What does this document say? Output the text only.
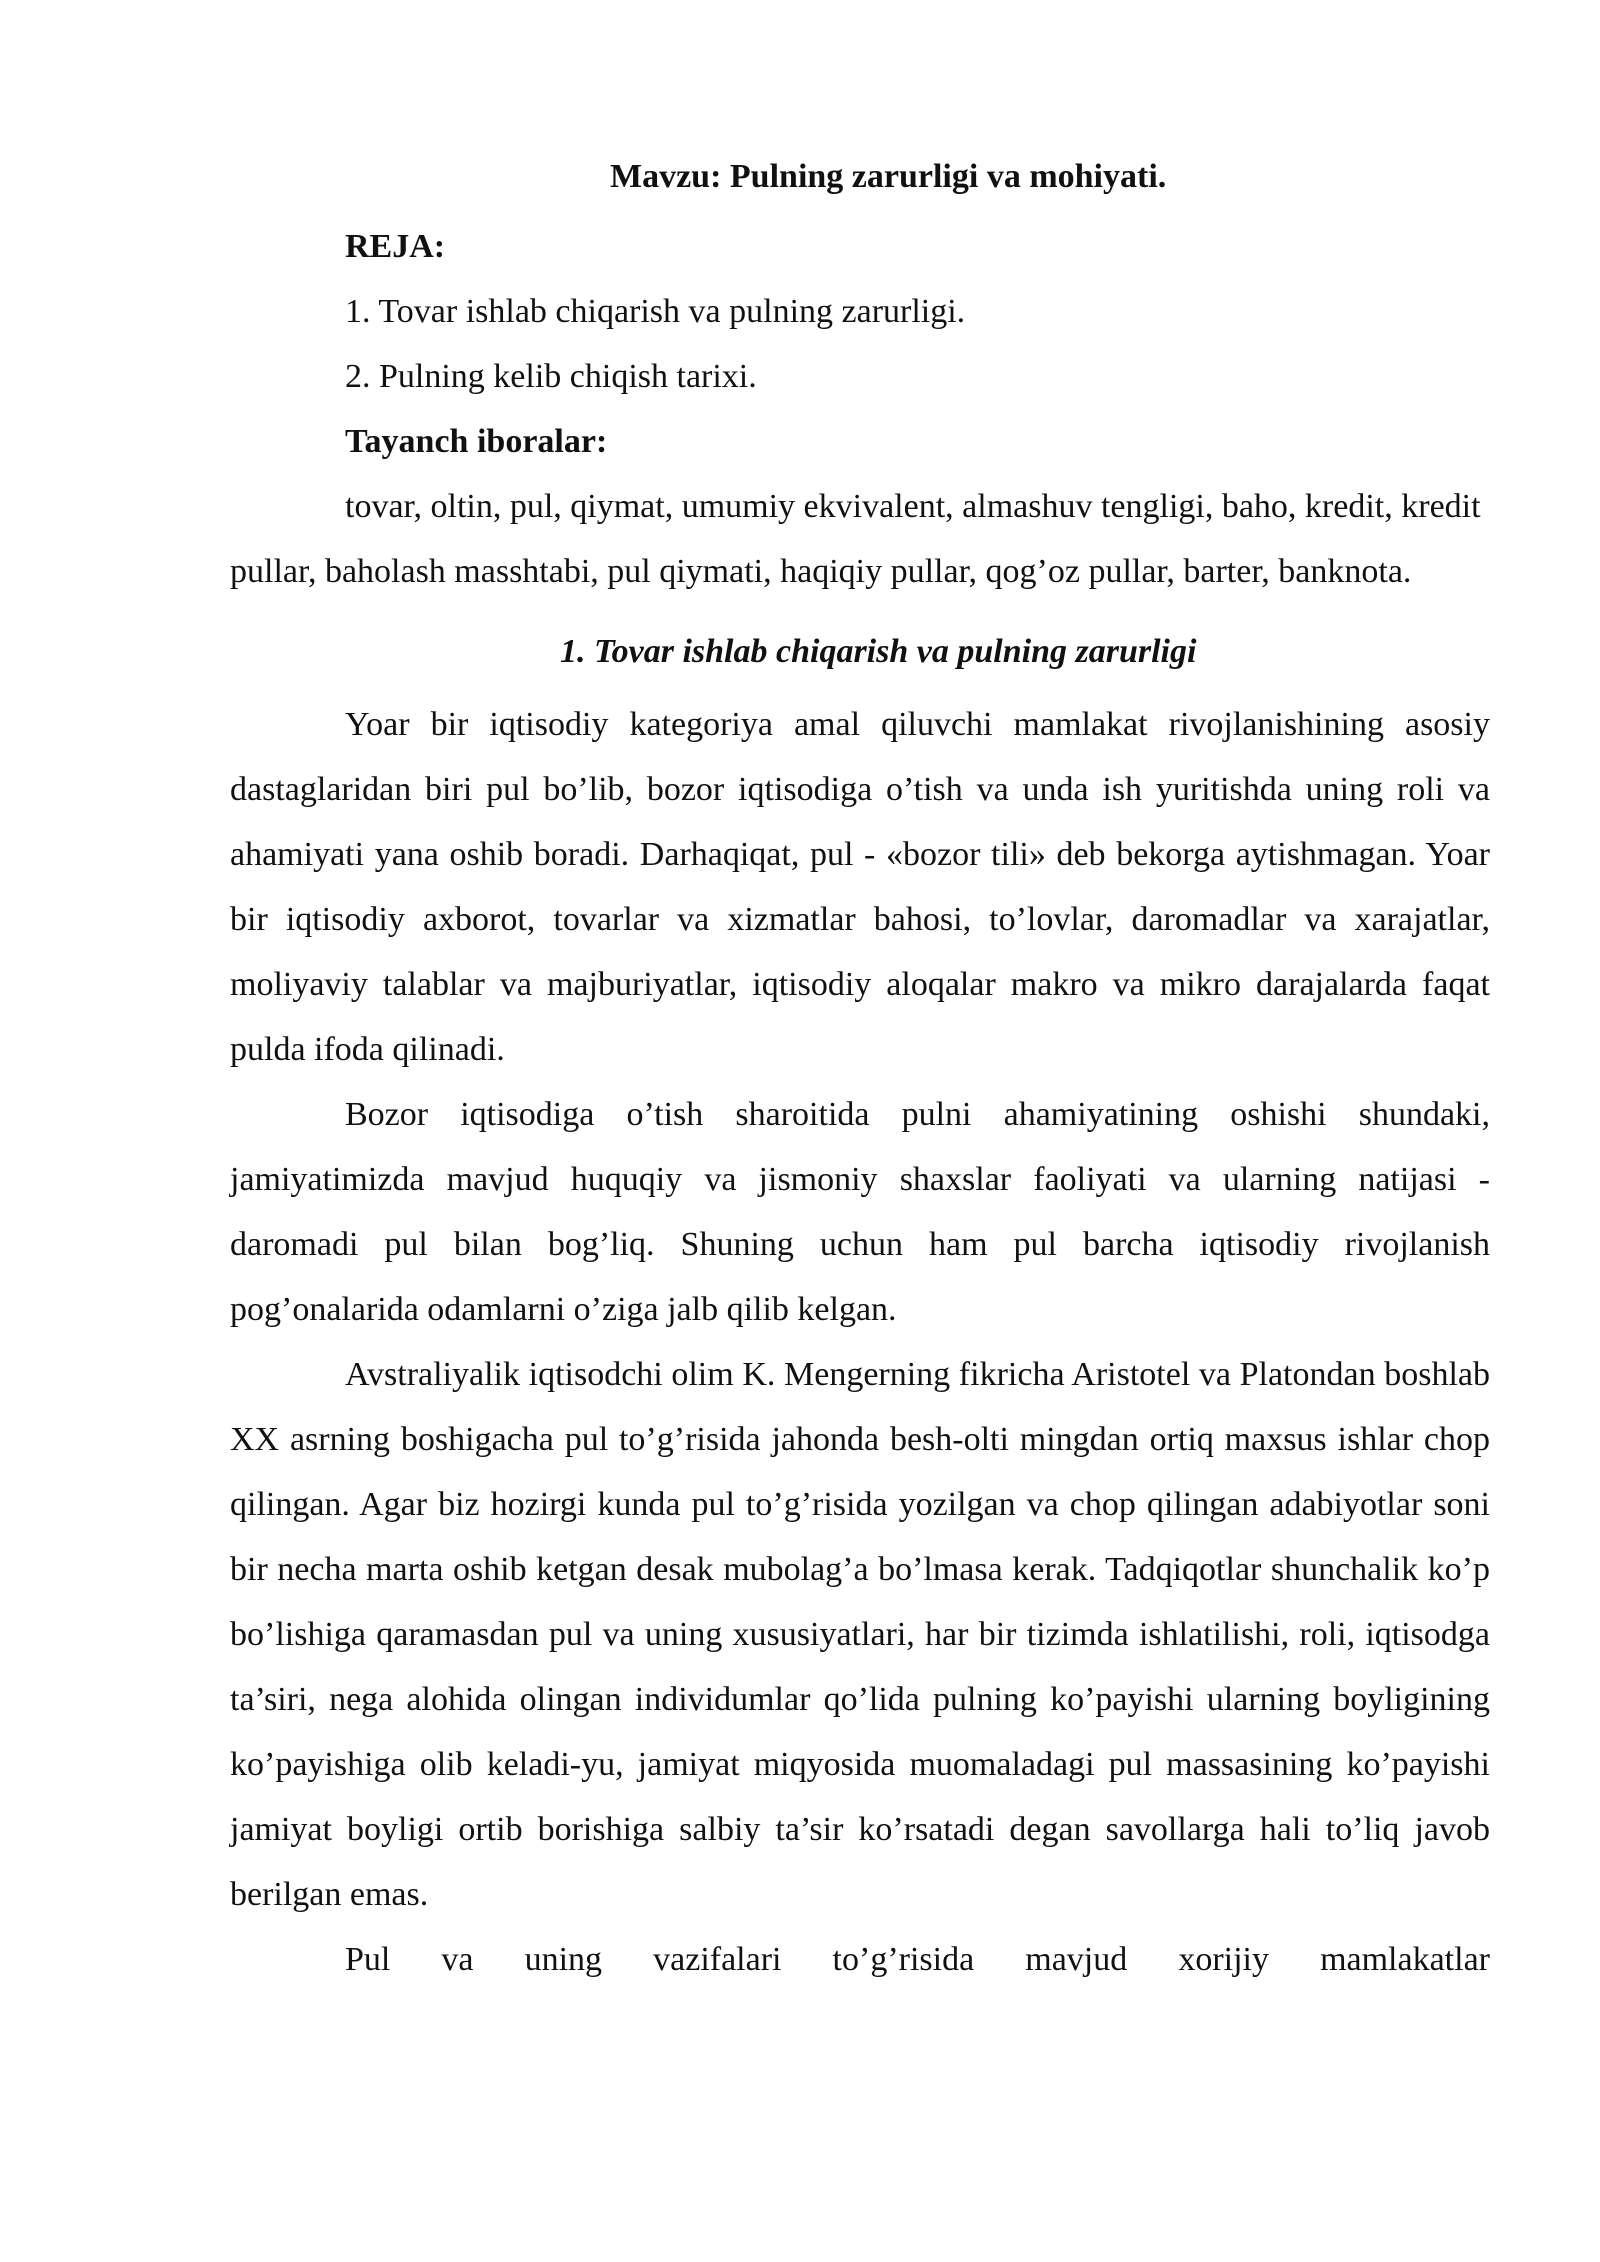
Mavzu: Pulning zarurligi va mohiyati.

REJA:

1. Tovar ishlab chiqarish va pulning zarurligi.

2. Pulning kelib chiqish tarixi.

Tayanch iboralar:

tovar, oltin, pul, qiymat, umumiy ekvivalent, almashuv tengligi, baho, kredit, kredit pullar, baholash masshtabi, pul qiymati, haqiqiy pullar, qog’oz pullar, barter, banknota.

1. Tovar ishlab chiqarish va pulning zarurligi

Yoar bir iqtisodiy kategoriya amal qiluvchi mamlakat rivojlanishining asosiy dastaglaridan biri pul bo’lib, bozor iqtisodiga o’tish va unda ish yuritishda uning roli va ahamiyati yana oshib boradi. Darhaqiqat, pul - «bozor tili» deb bekorga aytishmagan. Yoar bir iqtisodiy axborot, tovarlar va xizmatlar bahosi, to’lovlar, daromadlar va xarajatlar, moliyaviy talablar va majburiyatlar, iqtisodiy aloqalar makro va mikro darajalarda faqat pulda ifoda qilinadi.

Bozor iqtisodiga o’tish sharoitida pulni ahamiyatining oshishi shundaki, jamiyatimizda mavjud huquqiy va jismoniy shaxslar faoliyati va ularning natijasi - daromadi pul bilan bog’liq. Shuning uchun ham pul barcha iqtisodiy rivojlanish pog’onalarida odamlarni o’ziga jalb qilib kelgan.

Avstraliyalik iqtisodchi olim K. Mengerning fikricha Aristotel va Platondan boshlab XX asrning boshigacha pul to’g’risida jahonda besh-olti mingdan ortiq maxsus ishlar chop qilingan. Agar biz hozirgi kunda pul to’g’risida yozilgan va chop qilingan adabiyotlar soni bir necha marta oshib ketgan desak mubolag’a bo’lmasa kerak. Tadqiqotlar shunchalik ko’p bo’lishiga qaramasdan pul va uning xususiyatlari, har bir tizimda ishlatilishi, roli, iqtisodga ta’siri, nega alohida olingan individumlar qo’lida pulning ko’payishi ularning boyligining ko’payishiga olib keladi-yu, jamiyat miqyosida muomaladagi pul massasining ko’payishi jamiyat boyligi ortib borishiga salbiy ta’sir ko’rsatadi degan savollarga hali to’liq javob berilgan emas.

Pul va uning vazifalari to’g’risida mavjud xorijiy mamlakatlar
